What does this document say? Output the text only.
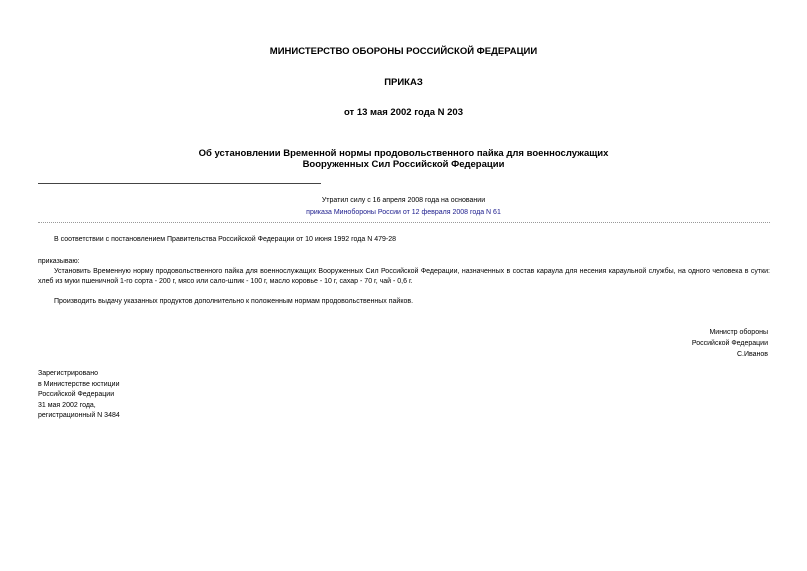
МИНИСТЕРСТВО ОБОРОНЫ РОССИЙСКОЙ ФЕДЕРАЦИИ
ПРИКАЗ
от 13 мая 2002 года N 203
Об установлении Временной нормы продовольственного пайка для военнослужащих
Вооруженных Сил Российской Федерации
Утратил силу с 16 апреля 2008 года на основании
приказа Минобороны России от 12 февраля 2008 года N 61
В соответствии с постановлением Правительства Российской Федерации от 10 июня 1992 года N 479-28
приказываю:
Установить Временную норму продовольственного пайка для военнослужащих Вооруженных Сил Российской Федерации, назначенных в состав караула для несения караульной службы, на одного человека в сутки: хлеб из муки пшеничной 1-го сорта - 200 г, мясо или сало-шпик - 100 г, масло коровье - 10 г, сахар - 70 г, чай - 0,6 г.
Производить выдачу указанных продуктов дополнительно к положенным нормам продовольственных пайков.
Министр обороны
Российской Федерации
С.Иванов
Зарегистрировано
в Министерстве юстиции
Российской Федерации
31 мая 2002 года,
регистрационный N 3484
